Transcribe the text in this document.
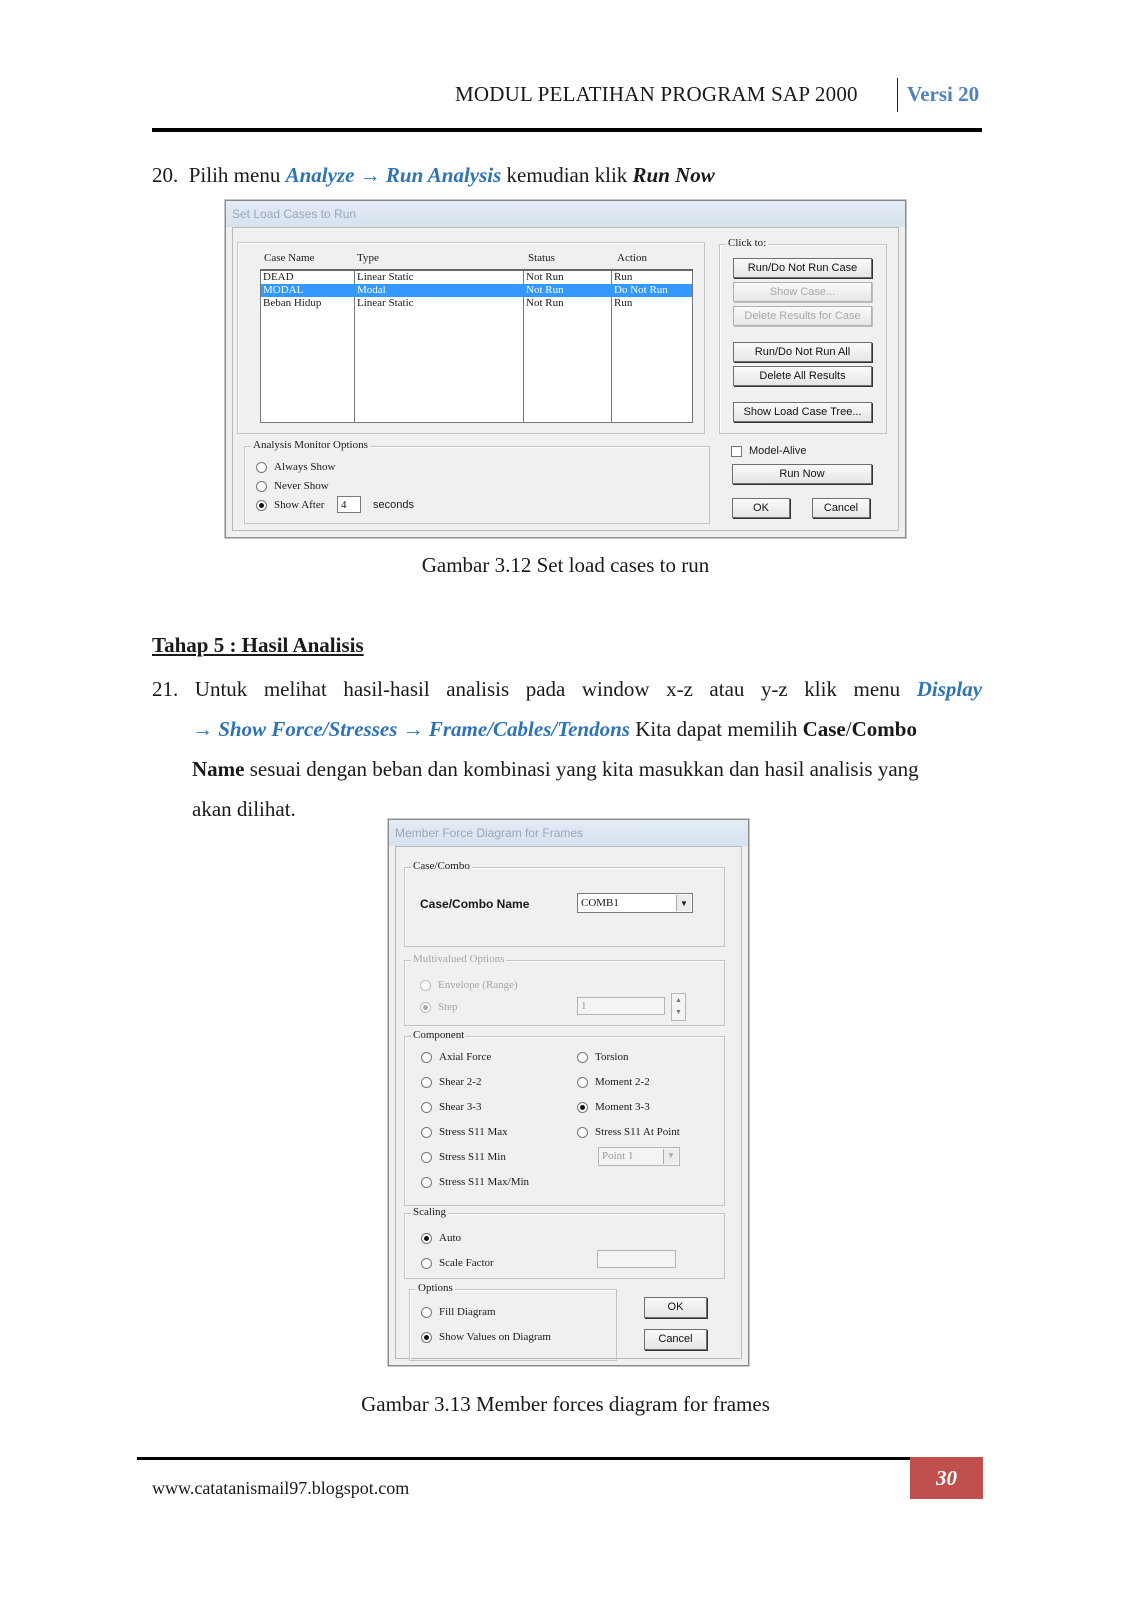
MODUL PELATIHAN PROGRAM SAP 2000 Versi 20
20. Pilih menu Analyze → Run Analysis kemudian klik Run Now
Set Load Cases to Run
Case Name	Type	Status	Action
DEAD	Linear Static	Not Run	Run
MODAL	Modal	Not Run	Do Not Run
Beban Hidup	Linear Static	Not Run	Run
Click to:
Run/Do Not Run Case
Show Case...
Delete Results for Case
Run/Do Not Run All
Delete All Results
Show Load Case Tree...
Analysis Monitor Options
Always Show
Never Show
Show After	4	seconds
Model-Alive
Run Now
OK	Cancel
Gambar 3.12 Set load cases to run
Tahap 5 : Hasil Analisis
21. Untuk melihat hasil-hasil analisis pada window x-z atau y-z klik menu Display
→ Show Force/Stresses → Frame/Cables/Tendons Kita dapat memilih Case/Combo
Name sesuai dengan beban dan kombinasi yang kita masukkan dan hasil analisis yang
akan dilihat.
Member Force Diagram for Frames
Case/Combo
Case/Combo Name	COMB1	▼
Multivalued Options
Envelope (Range)
Step	1	▲
▼
Component
Axial Force
Shear 2-2
Shear 3-3
Stress S11 Max
Stress S11 Min
Stress S11 Max/Min
Torsion
Moment 2-2
Moment 3-3
Stress S11 At Point
Point 1	▼
Scaling
Auto
Scale Factor
Options
Fill Diagram
Show Values on Diagram
OK
Cancel
Gambar 3.13 Member forces diagram for frames
www.catatanismail97.blogspot.com	30
